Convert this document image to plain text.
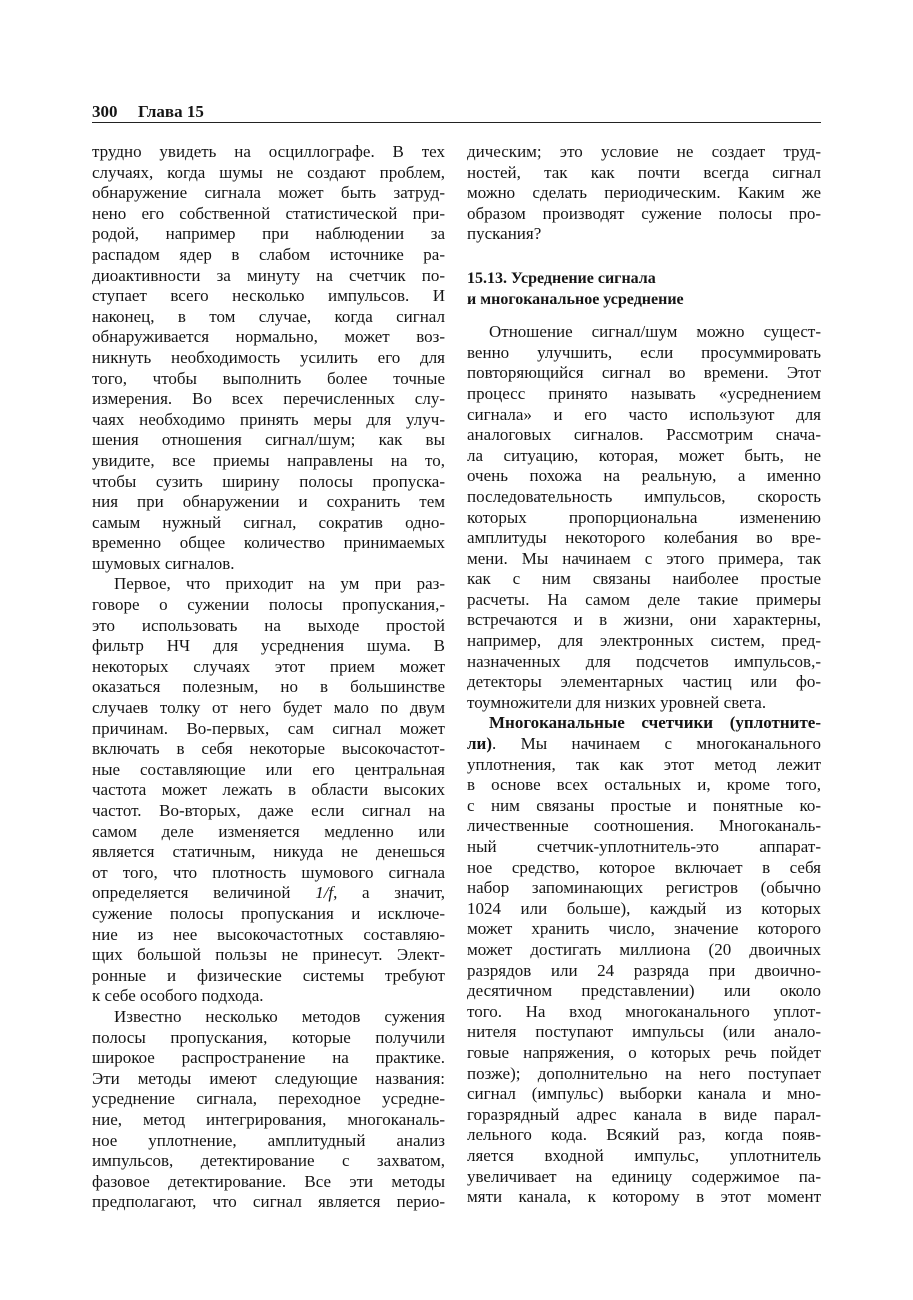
300 Глава 15
трудно увидеть на осциллографе. В тех
случаях, когда шумы не создают проблем,
обнаружение сигнала может быть затруд-
нено его собственной статистической при-
родой, например при наблюдении за
распадом ядер в слабом источнике ра-
диоактивности за минуту на счетчик по-
ступает всего несколько импульсов. И
наконец, в том случае, когда сигнал
обнаруживается нормально, может воз-
никнуть необходимость усилить его для
того, чтобы выполнить более точные
измерения. Во всех перечисленных слу-
чаях необходимо принять меры для улуч-
шения отношения сигнал/шум; как вы
увидите, все приемы направлены на то,
чтобы сузить ширину полосы пропуска-
ния при обнаружении и сохранить тем
самым нужный сигнал, сократив одно-
временно общее количество принимаемых
шумовых сигналов.
Первое, что приходит на ум при раз-
говоре о сужении полосы пропускания,-
это использовать на выходе простой
фильтр НЧ для усреднения шума. В
некоторых случаях этот прием может
оказаться полезным, но в большинстве
случаев толку от него будет мало по двум
причинам. Во-первых, сам сигнал может
включать в себя некоторые высокочастот-
ные составляющие или его центральная
частота может лежать в области высоких
частот. Во-вторых, даже если сигнал на
самом деле изменяется медленно или
является статичным, никуда не денешься
от того, что плотность шумового сигнала
определяется величиной 1/f, а значит,
сужение полосы пропускания и исключе-
ние из нее высокочастотных составляю-
щих большой пользы не принесут. Элект-
ронные и физические системы требуют
к себе особого подхода.
Известно несколько методов сужения
полосы пропускания, которые получили
широкое распространение на практике.
Эти методы имеют следующие названия:
усреднение сигнала, переходное усредне-
ние, метод интегрирования, многоканаль-
ное уплотнение, амплитудный анализ
импульсов, детектирование с захватом,
фазовое детектирование. Все эти методы
предполагают, что сигнал является перио-
дическим; это условие не создает труд-
ностей, так как почти всегда сигнал
можно сделать периодическим. Каким же
образом производят сужение полосы про-
пускания?
15.13. Усреднение сигнала
и многоканальное усреднение
Отношение сигнал/шум можно сущест-
венно улучшить, если просуммировать
повторяющийся сигнал во времени. Этот
процесс принято называть «усреднением
сигнала» и его часто используют для
аналоговых сигналов. Рассмотрим снача-
ла ситуацию, которая, может быть, не
очень похожа на реальную, а именно
последовательность импульсов, скорость
которых пропорциональна изменению
амплитуды некоторого колебания во вре-
мени. Мы начинаем с этого примера, так
как с ним связаны наиболее простые
расчеты. На самом деле такие примеры
встречаются и в жизни, они характерны,
например, для электронных систем, пред-
назначенных для подсчетов импульсов,-
детекторы элементарных частиц или фо-
тоумножители для низких уровней света.
Многоканальные счетчики (уплотните-
ли). Мы начинаем с многоканального
уплотнения, так как этот метод лежит
в основе всех остальных и, кроме того,
с ним связаны простые и понятные ко-
личественные соотношения. Многоканаль-
ный счетчик-уплотнитель-это аппарат-
ное средство, которое включает в себя
набор запоминающих регистров (обычно
1024 или больше), каждый из которых
может хранить число, значение которого
может достигать миллиона (20 двоичных
разрядов или 24 разряда при двоично-
десятичном представлении) или около
того. На вход многоканального уплот-
нителя поступают импульсы (или анало-
говые напряжения, о которых речь пойдет
позже); дополнительно на него поступает
сигнал (импульс) выборки канала и мно-
горазрядный адрес канала в виде парал-
лельного кода. Всякий раз, когда появ-
ляется входной импульс, уплотнитель
увеличивает на единицу содержимое па-
мяти канала, к которому в этот момент
